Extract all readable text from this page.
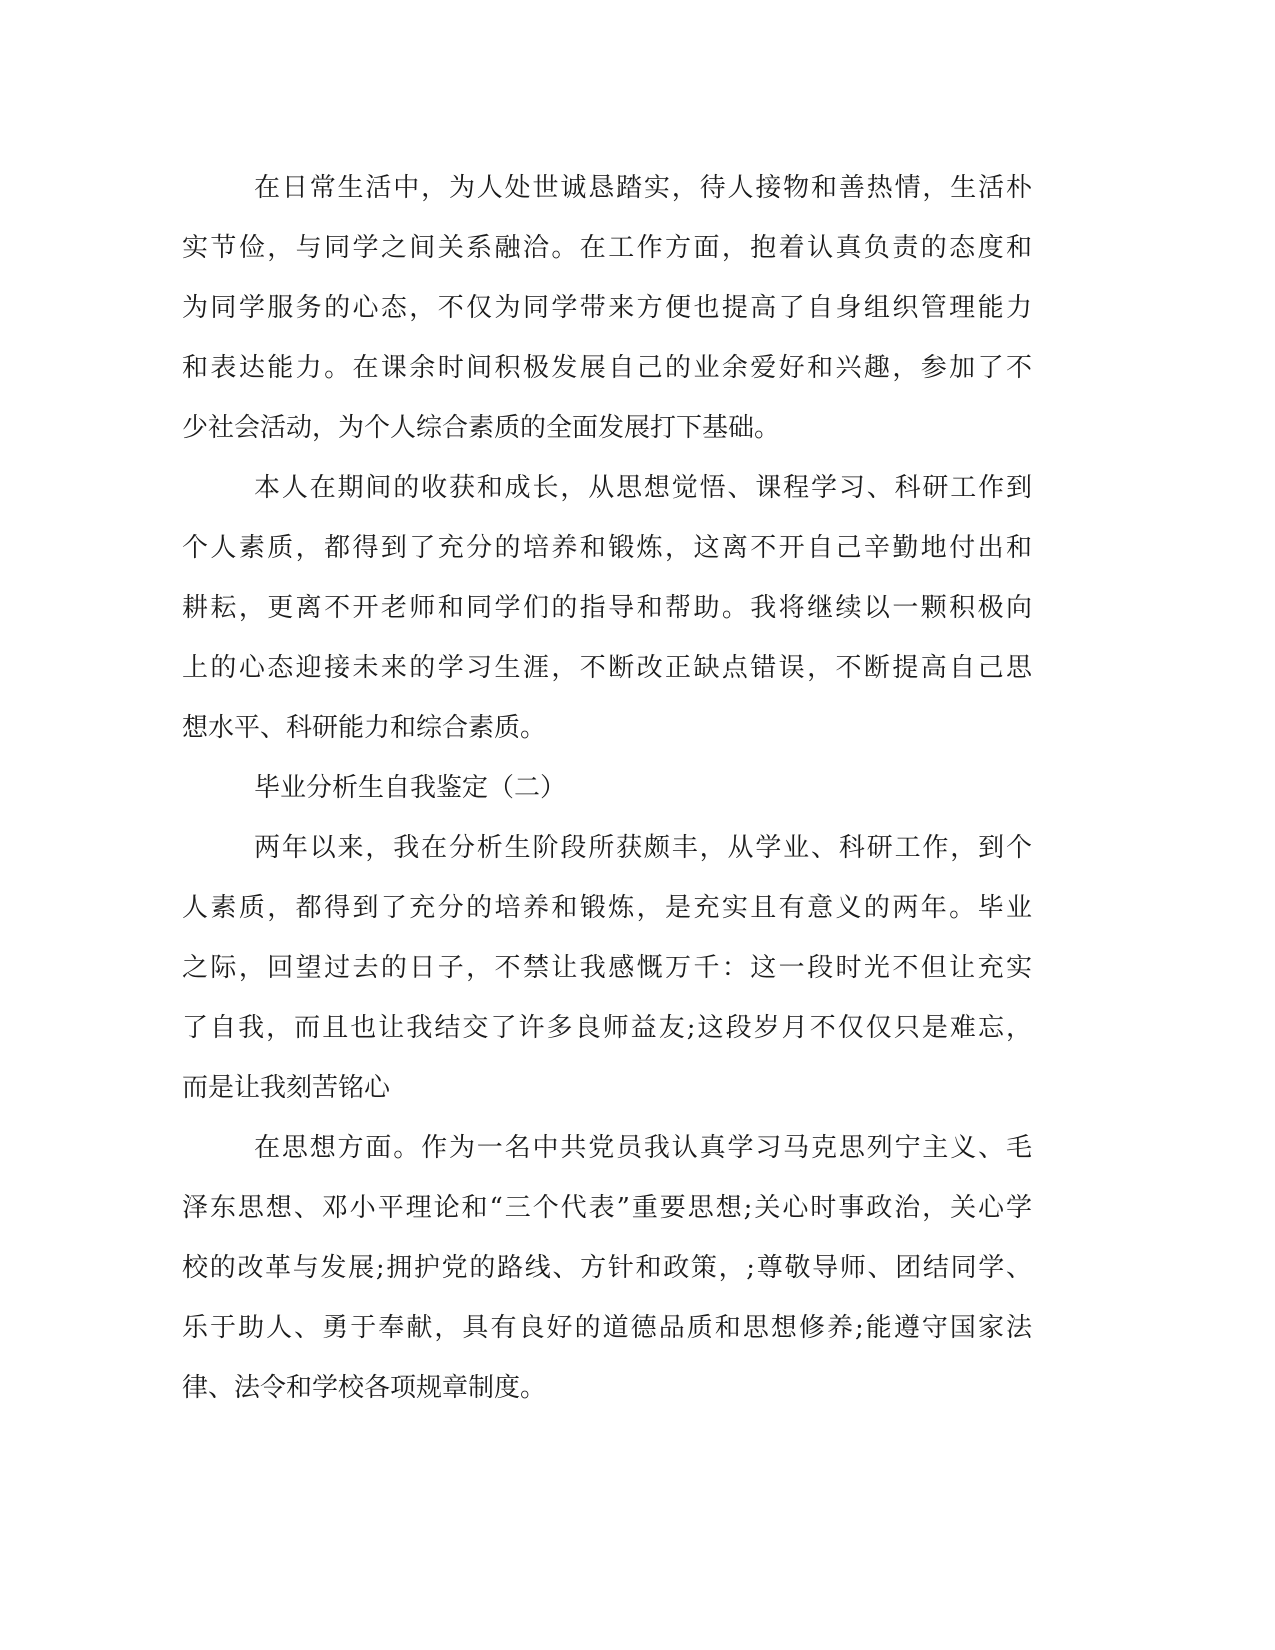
在日常生活中，为人处世诚恳踏实，待人接物和善热情，生活朴
实节俭，与同学之间关系融洽。在工作方面，抱着认真负责的态度和
为同学服务的心态，不仅为同学带来方便也提高了自身组织管理能力
和表达能力。在课余时间积极发展自己的业余爱好和兴趣，参加了不
少社会活动，为个人综合素质的全面发展打下基础。
本人在期间的收获和成长，从思想觉悟、课程学习、科研工作到
个人素质，都得到了充分的培养和锻炼，这离不开自己辛勤地付出和
耕耘，更离不开老师和同学们的指导和帮助。我将继续以一颗积极向
上的心态迎接未来的学习生涯，不断改正缺点错误，不断提高自己思
想水平、科研能力和综合素质。
毕业分析生自我鉴定（二）
两年以来，我在分析生阶段所获颇丰，从学业、科研工作，到个
人素质，都得到了充分的培养和锻炼，是充实且有意义的两年。毕业
之际，回望过去的日子，不禁让我感慨万千：这一段时光不但让充实
了自我，而且也让我结交了许多良师益友;这段岁月不仅仅只是难忘，
而是让我刻苦铭心
在思想方面。作为一名中共党员我认真学习马克思列宁主义、毛
泽东思想、邓小平理论和“三个代表”重要思想;关心时事政治，关心学
校的改革与发展;拥护党的路线、方针和政策，;尊敬导师、团结同学、
乐于助人、勇于奉献，具有良好的道德品质和思想修养;能遵守国家法
律、法令和学校各项规章制度。
